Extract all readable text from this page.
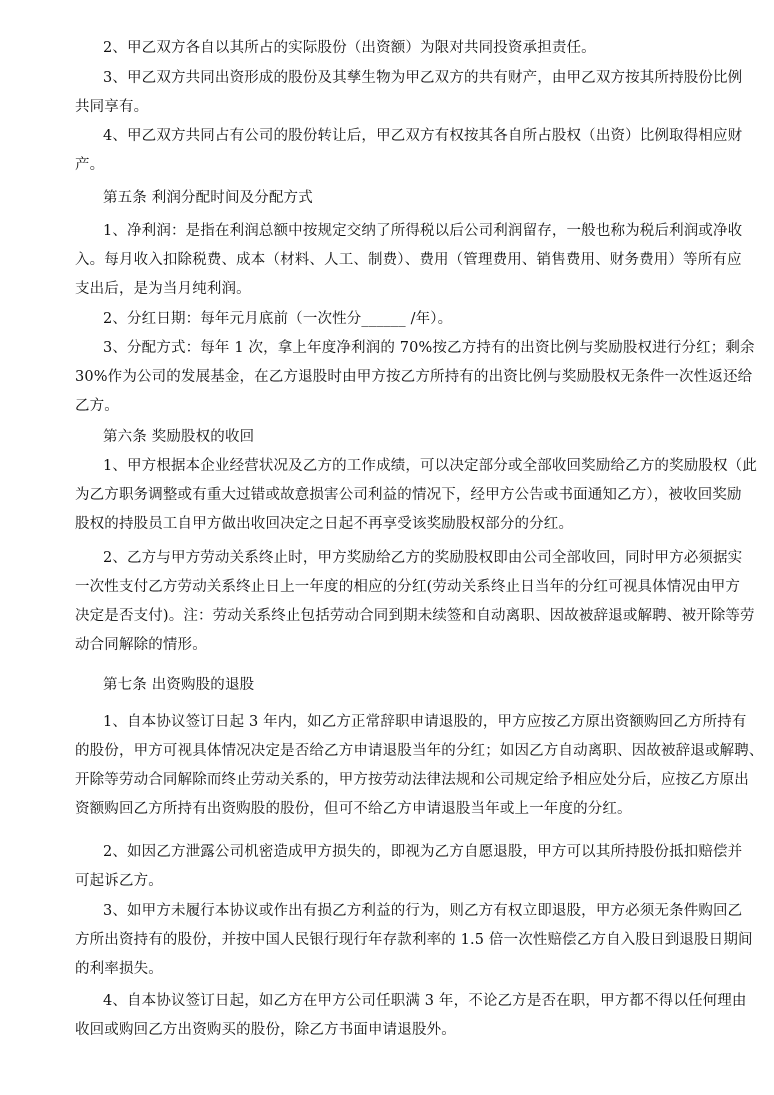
2、甲乙双方各自以其所占的实际股份（出资额）为限对共同投资承担责任。

3、甲乙双方共同出资形成的股份及其孳生物为甲乙双方的共有财产，由甲乙双方按其所持股份比例

共同享有。

4、甲乙双方共同占有公司的股份转让后，甲乙双方有权按其各自所占股权（出资）比例取得相应财

产。

第五条 利润分配时间及分配方式

1、净利润：是指在利润总额中按规定交纳了所得税以后公司利润留存，一般也称为税后利润或净收

入。每月收入扣除税费、成本（材料、人工、制费）、费用（管理费用、销售费用、财务费用）等所有应

支出后，是为当月纯利润。

2、分红日期：每年元月底前（一次性分______ /年）。

3、分配方式：每年 1 次，拿上年度净利润的 70%按乙方持有的出资比例与奖励股权进行分红；剩余

30%作为公司的发展基金，在乙方退股时由甲方按乙方所持有的出资比例与奖励股权无条件一次性返还给

乙方。

第六条 奖励股权的收回

1、甲方根据本企业经营状况及乙方的工作成绩，可以决定部分或全部收回奖励给乙方的奖励股权（此

为乙方职务调整或有重大过错或故意损害公司利益的情况下，经甲方公告或书面通知乙方），被收回奖励

股权的持股员工自甲方做出收回决定之日起不再享受该奖励股权部分的分红。

2、乙方与甲方劳动关系终止时，甲方奖励给乙方的奖励股权即由公司全部收回，同时甲方必须据实

一次性支付乙方劳动关系终止日上一年度的相应的分红(劳动关系终止日当年的分红可视具体情况由甲方

决定是否支付)。注：劳动关系终止包括劳动合同到期未续签和自动离职、因故被辞退或解聘、被开除等劳

动合同解除的情形。

第七条 出资购股的退股

1、自本协议签订日起 3 年内，如乙方正常辞职申请退股的，甲方应按乙方原出资额购回乙方所持有

的股份，甲方可视具体情况决定是否给乙方申请退股当年的分红；如因乙方自动离职、因故被辞退或解聘、

开除等劳动合同解除而终止劳动关系的，甲方按劳动法律法规和公司规定给予相应处分后，应按乙方原出

资额购回乙方所持有出资购股的股份，但可不给乙方申请退股当年或上一年度的分红。

2、如因乙方泄露公司机密造成甲方损失的，即视为乙方自愿退股，甲方可以其所持股份抵扣赔偿并

可起诉乙方。

3、如甲方未履行本协议或作出有损乙方利益的行为，则乙方有权立即退股，甲方必须无条件购回乙

方所出资持有的股份，并按中国人民银行现行年存款利率的 1.5 倍一次性赔偿乙方自入股日到退股日期间

的利率损失。

4、自本协议签订日起，如乙方在甲方公司任职满 3 年，不论乙方是否在职，甲方都不得以任何理由

收回或购回乙方出资购买的股份，除乙方书面申请退股外。
